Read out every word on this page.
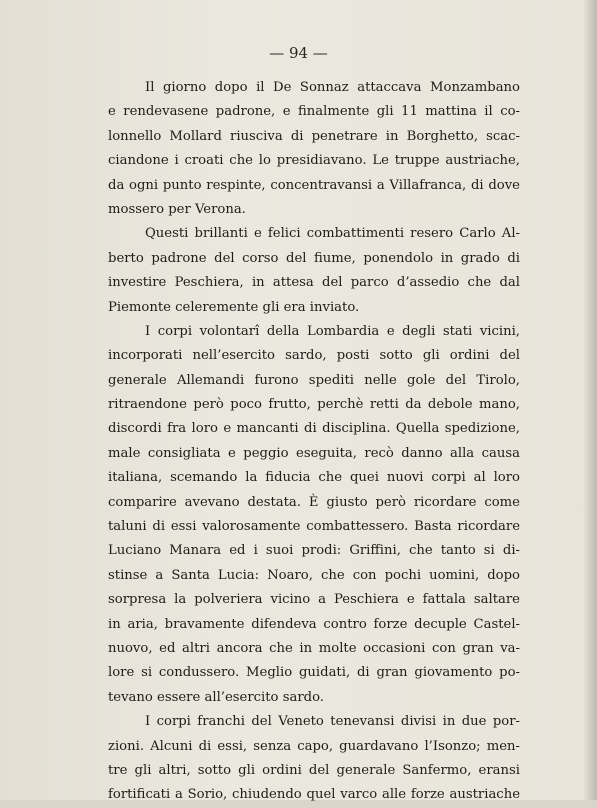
— 94 —

Il giorno dopo il De Sonnaz attaccava Monzambano
e rendevasene padrone, e finalmente gli 11 mattina il co-
lonnello Mollard riusciva di penetrare in Borghetto, scac-
ciandone i croati che lo presidiavano. Le truppe austriache,
da ogni punto respinte, concentravansi a Villafranca, di dove
mossero per Verona.
Questi brillanti e felici combattimenti resero Carlo Al-
berto padrone del corso del fiume, ponendolo in grado di
investire Peschiera, in attesa del parco d’assedio che dal
Piemonte celeremente gli era inviato.
I corpi volontarî della Lombardia e degli stati vicini,
incorporati nell’esercito sardo, posti sotto gli ordini del
generale Allemandi furono spediti nelle gole del Tirolo,
ritraendone però poco frutto, perchè retti da debole mano,
discordi fra loro e mancanti di disciplina. Quella spedizione,
male consigliata e peggio eseguita, recò danno alla causa
italiana, scemando la fiducia che quei nuovi corpi al loro
comparire avevano destata. È giusto però ricordare come
taluni di essi valorosamente combattessero. Basta ricordare
Luciano Manara ed i suoi prodi: Griffini, che tanto si di-
stinse a Santa Lucia: Noaro, che con pochi uomini, dopo
sorpresa la polveriera vicino a Peschiera e fattala saltare
in aria, bravamente difendeva contro forze decuple Castel-
nuovo, ed altri ancora che in molte occasioni con gran va-
lore si condussero. Meglio guidati, di gran giovamento po-
tevano essere all’esercito sardo.
I corpi franchi del Veneto tenevansi divisi in due por-
zioni. Alcuni di essi, senza capo, guardavano l’Isonzo; men-
tre gli altri, sotto gli ordini del generale Sanfermo, eransi
fortificati a Sorio, chiudendo quel varco alle forze austriache
